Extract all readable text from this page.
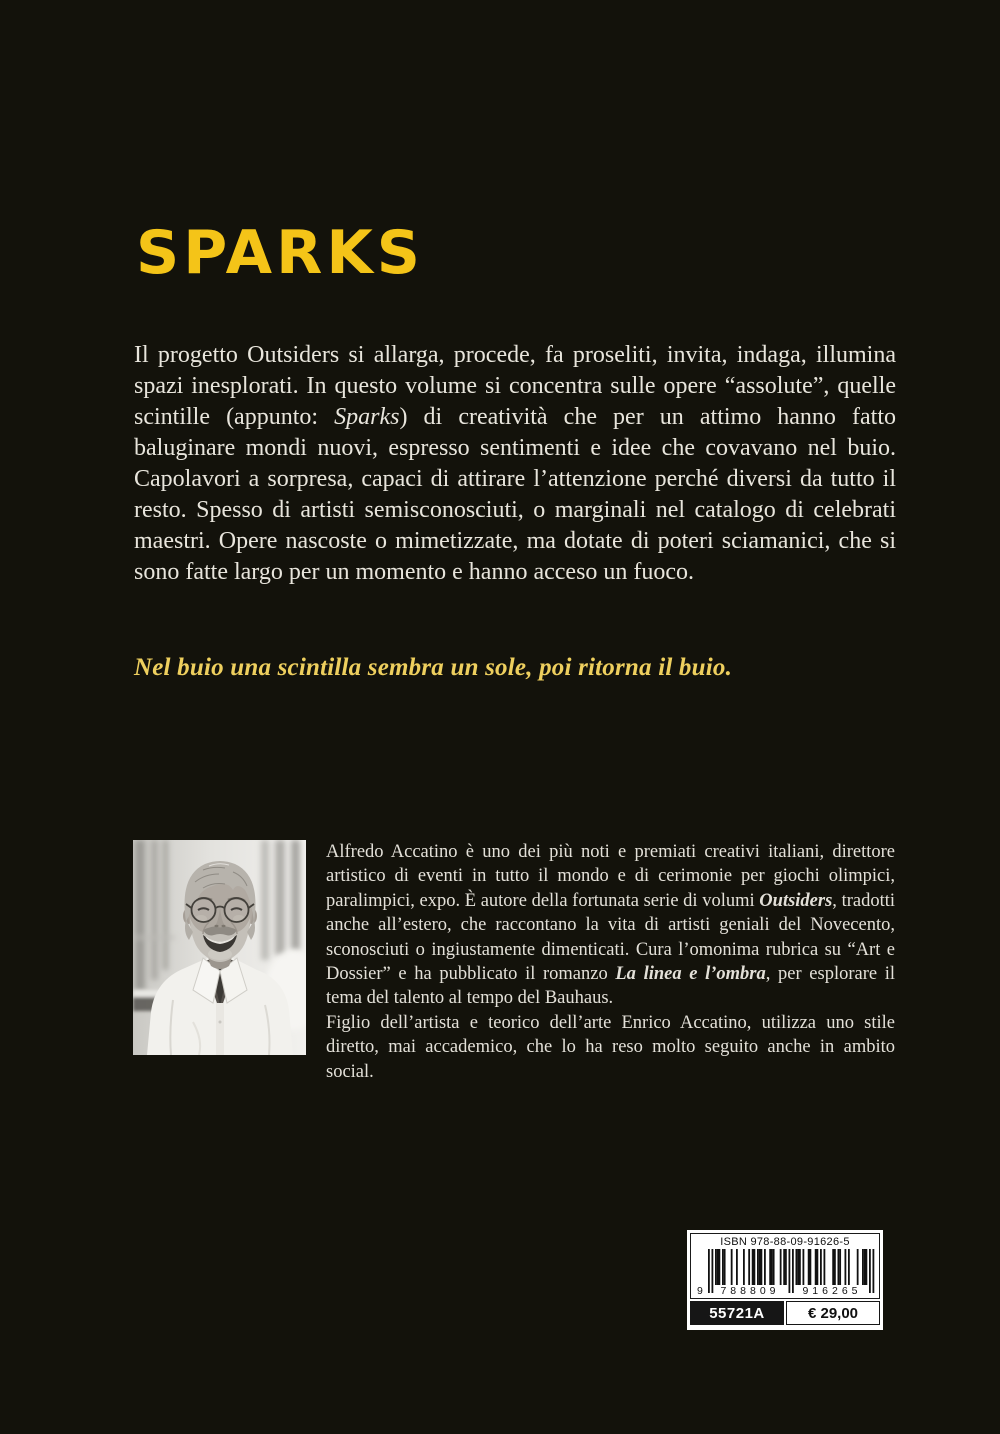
SPARKS

Il progetto Outsiders si allarga, procede, fa proseliti, invita, indaga, illumina spazi inesplorati. In questo volume si concentra sulle opere “assolute”, quelle scintille (appunto: Sparks) di creatività che per un attimo hanno fatto baluginare mondi nuovi, espresso sentimenti e idee che covavano nel buio. Capolavori a sorpresa, capaci di attirare l’attenzione perché diversi da tutto il resto. Spesso di artisti semisconosciuti, o marginali nel catalogo di celebrati maestri. Opere nascoste o mimetizzate, ma dotate di poteri sciamanici, che si sono fatte largo per un momento e hanno acceso un fuoco.

Nel buio una scintilla sembra un sole, poi ritorna il buio.

Alfredo Accatino è uno dei più noti e premiati creativi italiani, direttore artistico di eventi in tutto il mondo e di cerimonie per giochi olimpici, paralimpici, expo. È autore della fortunata serie di volumi Outsiders, tradotti anche all’estero, che raccontano la vita di artisti geniali del Novecento, sconosciuti o ingiustamente dimenticati. Cura l’omonima rubrica su “Art e Dossier” e ha pubblicato il romanzo La linea e l’ombra, per esplorare il tema del talento al tempo del Bauhaus.

Figlio dell’artista e teorico dell’arte Enrico Accatino, utilizza uno stile diretto, mai accademico, che lo ha reso molto seguito anche in ambito social.

ISBN 978-88-09-91626-5
9	788809	916265
55721A	€ 29,00
